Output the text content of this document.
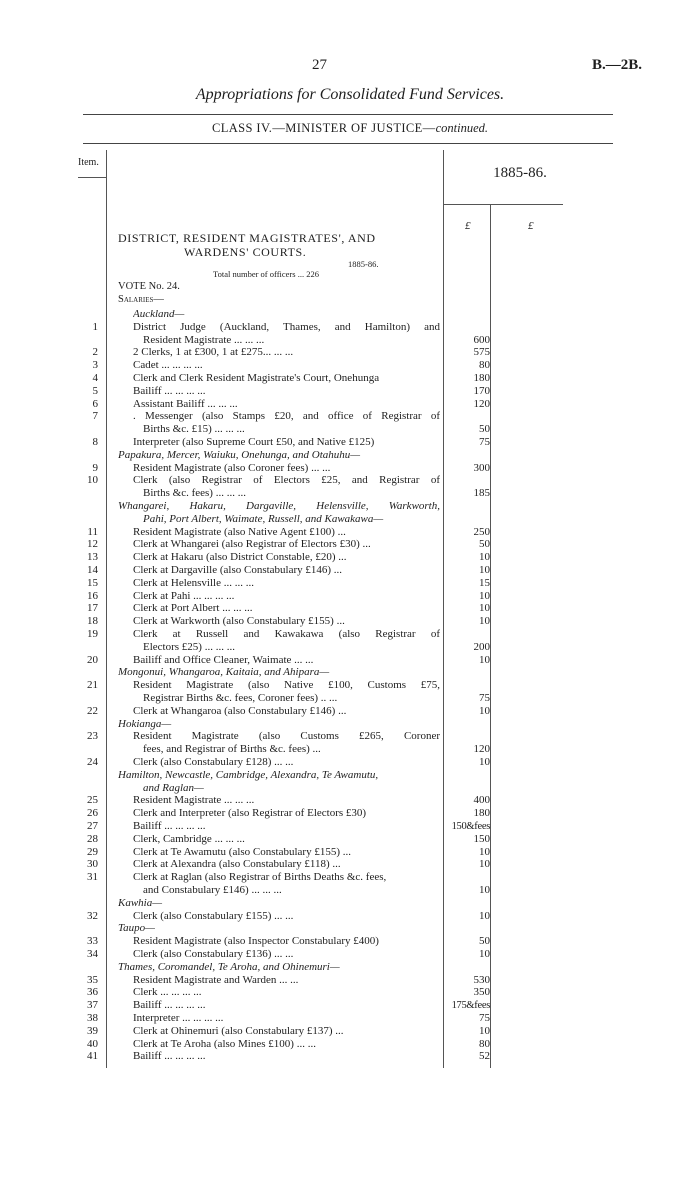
27	B.—2B.
Appropriations for Consolidated Fund Services.
CLASS IV.—MINISTER OF JUSTICE—continued.
Item.
1885-86.
£	£
DISTRICT, RESIDENT MAGISTRATES', AND
WARDENS' COURTS.
1885-86.
Total number of officers ... 226
VOTE No. 24.
Salaries—
Auckland—
1	District Judge (Auckland, Thames, and Hamilton) and
Resident Magistrate ... ... ...	600
2	2 Clerks, 1 at £300, 1 at £275... ... ...	575
3	Cadet ... ... ... ...	80
4	Clerk and Clerk Resident Magistrate's Court, Onehunga	180
5	Bailiff ... ... ... ...	170
6	Assistant Bailiff ... ... ...	120
7	. Messenger (also Stamps £20, and office of Registrar of
Births &c. £15) ... ... ...	50
8	Interpreter (also Supreme Court £50, and Native £125)	75
Papakura, Mercer, Waiuku, Onehunga, and Otahuhu—
9	Resident Magistrate (also Coroner fees) ... ...	300
10	Clerk (also Registrar of Electors £25, and Registrar of
Births &c. fees) ... ... ...	185
Whangarei, Hakaru, Dargaville, Helensville, Warkworth,
Pahi, Port Albert, Waimate, Russell, and Kawakawa—
11	Resident Magistrate (also Native Agent £100) ...	250
12	Clerk at Whangarei (also Registrar of Electors £30) ...	50
13	Clerk at Hakaru (also District Constable, £20) ...	10
14	Clerk at Dargaville (also Constabulary £146) ...	10
15	Clerk at Helensville ... ... ...	15
16	Clerk at Pahi ... ... ... ...	10
17	Clerk at Port Albert ... ... ...	10
18	Clerk at Warkworth (also Constabulary £155) ...	10
19	Clerk at Russell and Kawakawa (also Registrar of
Electors £25) ... ... ...	200
20	Bailiff and Office Cleaner, Waimate ... ...	10
Mongonui, Whangaroa, Kaitaia, and Ahipara—
21	Resident Magistrate (also Native £100, Customs £75,
Registrar Births &c. fees, Coroner fees) .. ...	75
22	Clerk at Whangaroa (also Constabulary £146) ...	10
Hokianga—
23	Resident Magistrate (also Customs £265, Coroner
fees, and Registrar of Births &c. fees) ...	120
24	Clerk (also Constabulary £128) ... ...	10
Hamilton, Newcastle, Cambridge, Alexandra, Te Awamutu,
and Raglan—
25	Resident Magistrate ... ... ...	400
26	Clerk and Interpreter (also Registrar of Electors £30)	180
27	Bailiff ... ... ... ...	150&fees
28	Clerk, Cambridge ... ... ...	150
29	Clerk at Te Awamutu (also Constabulary £155) ...	10
30	Clerk at Alexandra (also Constabulary £118) ...	10
31	Clerk at Raglan (also Registrar of Births Deaths &c. fees,
and Constabulary £146) ... ... ...	10
Kawhia—
32	Clerk (also Constabulary £155) ... ...	10
Taupo—
33	Resident Magistrate (also Inspector Constabulary £400)	50
34	Clerk (also Constabulary £136) ... ...	10
Thames, Coromandel, Te Aroha, and Ohinemuri—
35	Resident Magistrate and Warden ... ...	530
36	Clerk ... ... ... ...	350
37	Bailiff ... ... ... ...	175&fees
38	Interpreter ... ... ... ...	75
39	Clerk at Ohinemuri (also Constabulary £137) ...	10
40	Clerk at Te Aroha (also Mines £100) ... ...	80
41	Bailiff ... ... ... ...	52
